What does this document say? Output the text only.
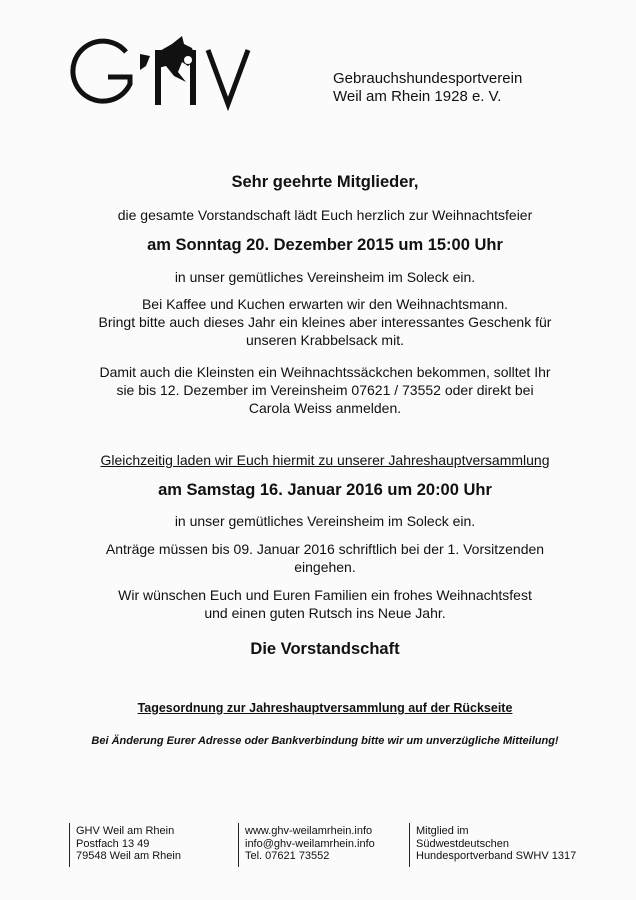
Gebrauchshundesportverein
Weil am Rhein 1928 e. V.
Sehr geehrte Mitglieder,
die gesamte Vorstandschaft lädt Euch herzlich zur Weihnachtsfeier
am Sonntag 20. Dezember 2015 um 15:00 Uhr
in unser gemütliches Vereinsheim im Soleck ein.
Bei Kaffee und Kuchen erwarten wir den Weihnachtsmann.
Bringt bitte auch dieses Jahr ein kleines aber interessantes Geschenk für
unseren Krabbelsack mit.
Damit auch die Kleinsten ein Weihnachtssäckchen bekommen, solltet Ihr
sie bis 12. Dezember im Vereinsheim 07621 / 73552 oder direkt bei
Carola Weiss anmelden.
Gleichzeitig laden wir Euch hiermit zu unserer Jahreshauptversammlung
am Samstag 16. Januar 2016 um 20:00 Uhr
in unser gemütliches Vereinsheim im Soleck ein.
Anträge müssen bis 09. Januar 2016 schriftlich bei der 1. Vorsitzenden
eingehen.
Wir wünschen Euch und Euren Familien ein frohes Weihnachtsfest
und einen guten Rutsch ins Neue Jahr.
Die Vorstandschaft
Tagesordnung zur Jahreshauptversammlung auf der Rückseite
Bei Änderung Eurer Adresse oder Bankverbindung bitte wir um unverzügliche Mitteilung!
GHV Weil am Rhein
Postfach 13 49
79548 Weil am Rhein
www.ghv-weilamrhein.info
info@ghv-weilamrhein.info
Tel. 07621 73552
Mitglied im
Südwestdeutschen
Hundesportverband SWHV 1317
